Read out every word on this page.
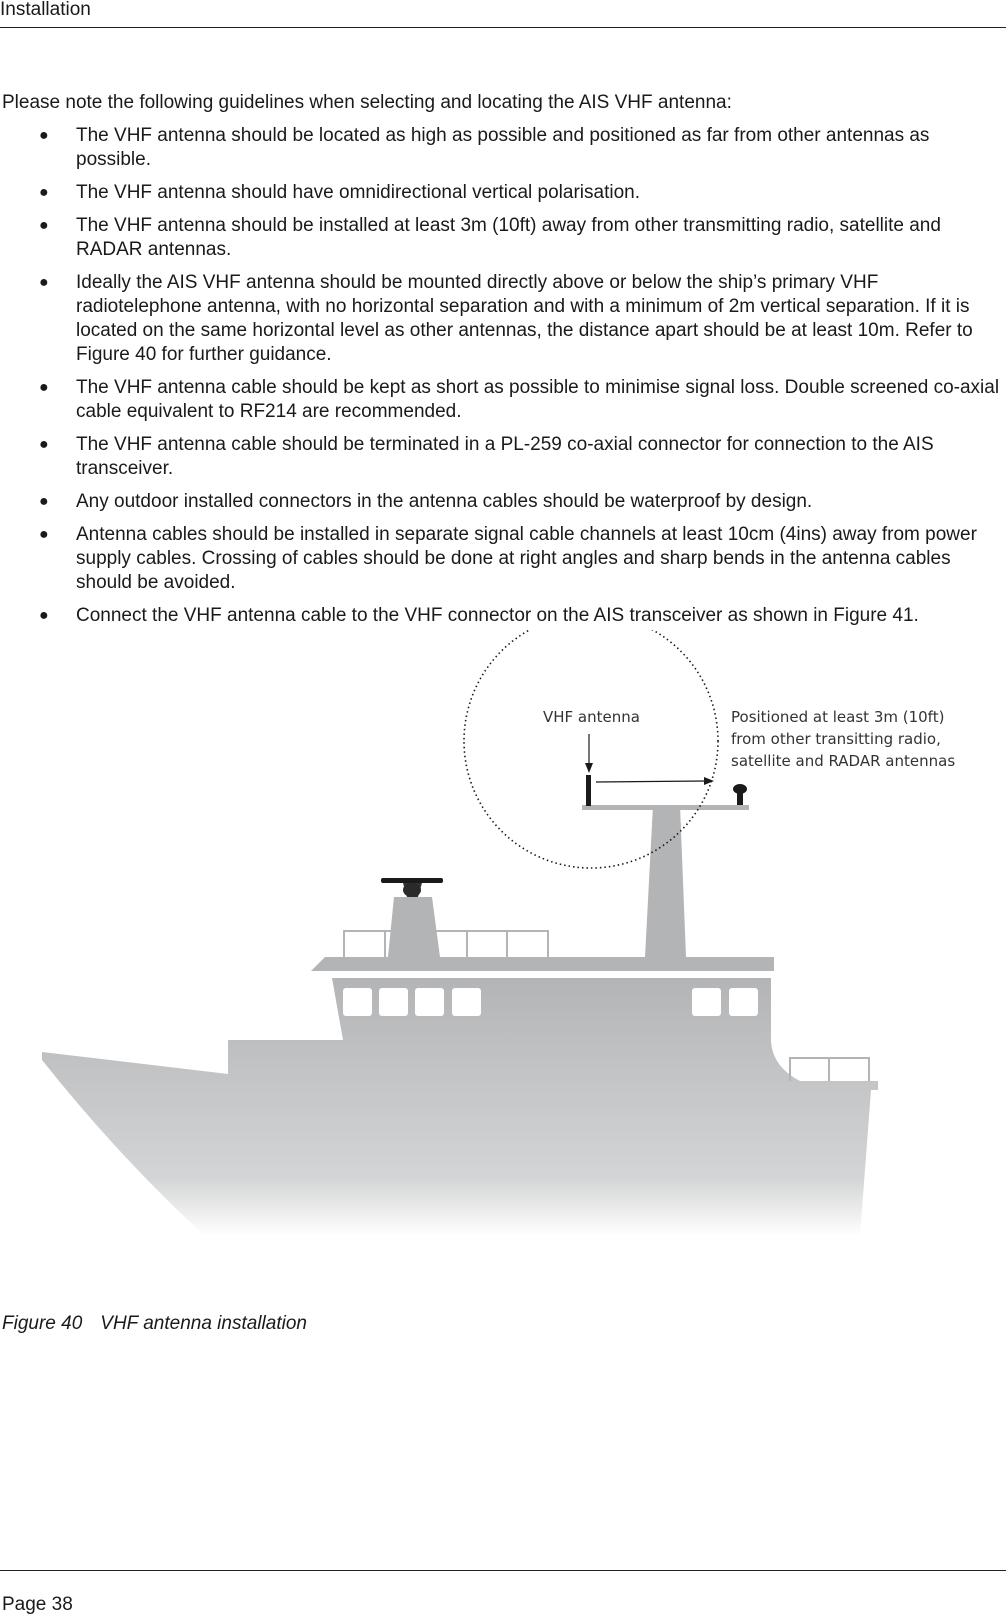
Installation

Please note the following guidelines when selecting and locating the AIS VHF antenna:

● The VHF antenna should be located as high as possible and positioned as far from other antennas as possible.
● The VHF antenna should have omnidirectional vertical polarisation.
● The VHF antenna should be installed at least 3m (10ft) away from other transmitting radio, satellite and RADAR antennas.
● Ideally the AIS VHF antenna should be mounted directly above or below the ship’s primary VHF radiotelephone antenna, with no horizontal separation and with a minimum of 2m vertical separation. If it is located on the same horizontal level as other antennas, the distance apart should be at least 10m. Refer to Figure 40 for further guidance.
● The VHF antenna cable should be kept as short as possible to minimise signal loss. Double screened co-axial cable equivalent to RF214 are recommended.
● The VHF antenna cable should be terminated in a PL-259 co-axial connector for connection to the AIS transceiver.
● Any outdoor installed connectors in the antenna cables should be waterproof by design.
● Antenna cables should be installed in separate signal cable channels at least 10cm (4ins) away from power supply cables. Crossing of cables should be done at right angles and sharp bends in the antenna cables should be avoided.
● Connect the VHF antenna cable to the VHF connector on the AIS transceiver as shown in Figure 41.
VHF antenna	Positioned at least 3m (10ft)
from other transitting radio,
satellite and RADAR antennas
Figure 40 VHF antenna installation
Page 38
